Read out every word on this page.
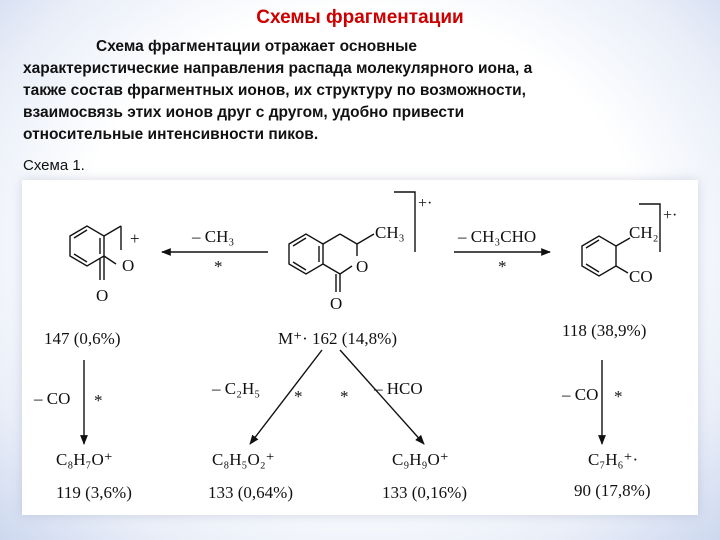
Схемы фрагментации
Схема фрагментации отражает основные
характеристические направления распада молекулярного иона, а
также состав фрагментных ионов, их структуру по возможности,
взаимосвязь этих ионов друг с другом, удобно привести
относительные интенсивности пиков.
Схема 1.
O
+
O
CH₃
O
O
+·
CH₂
CO
+·
– CH₃
*
– CH₃CHO
*
147 (0,6%)	M⁺· 162 (14,8%)	118 (38,9%)
– CO *
– C₂H₅ * * – HCO	– CO *
C₈H₇O⁺	C₈H₅O₂⁺	C₉H₉O⁺	C₇H₆⁺·
119 (3,6%)	133 (0,64%)	133 (0,16%)	90 (17,8%)
